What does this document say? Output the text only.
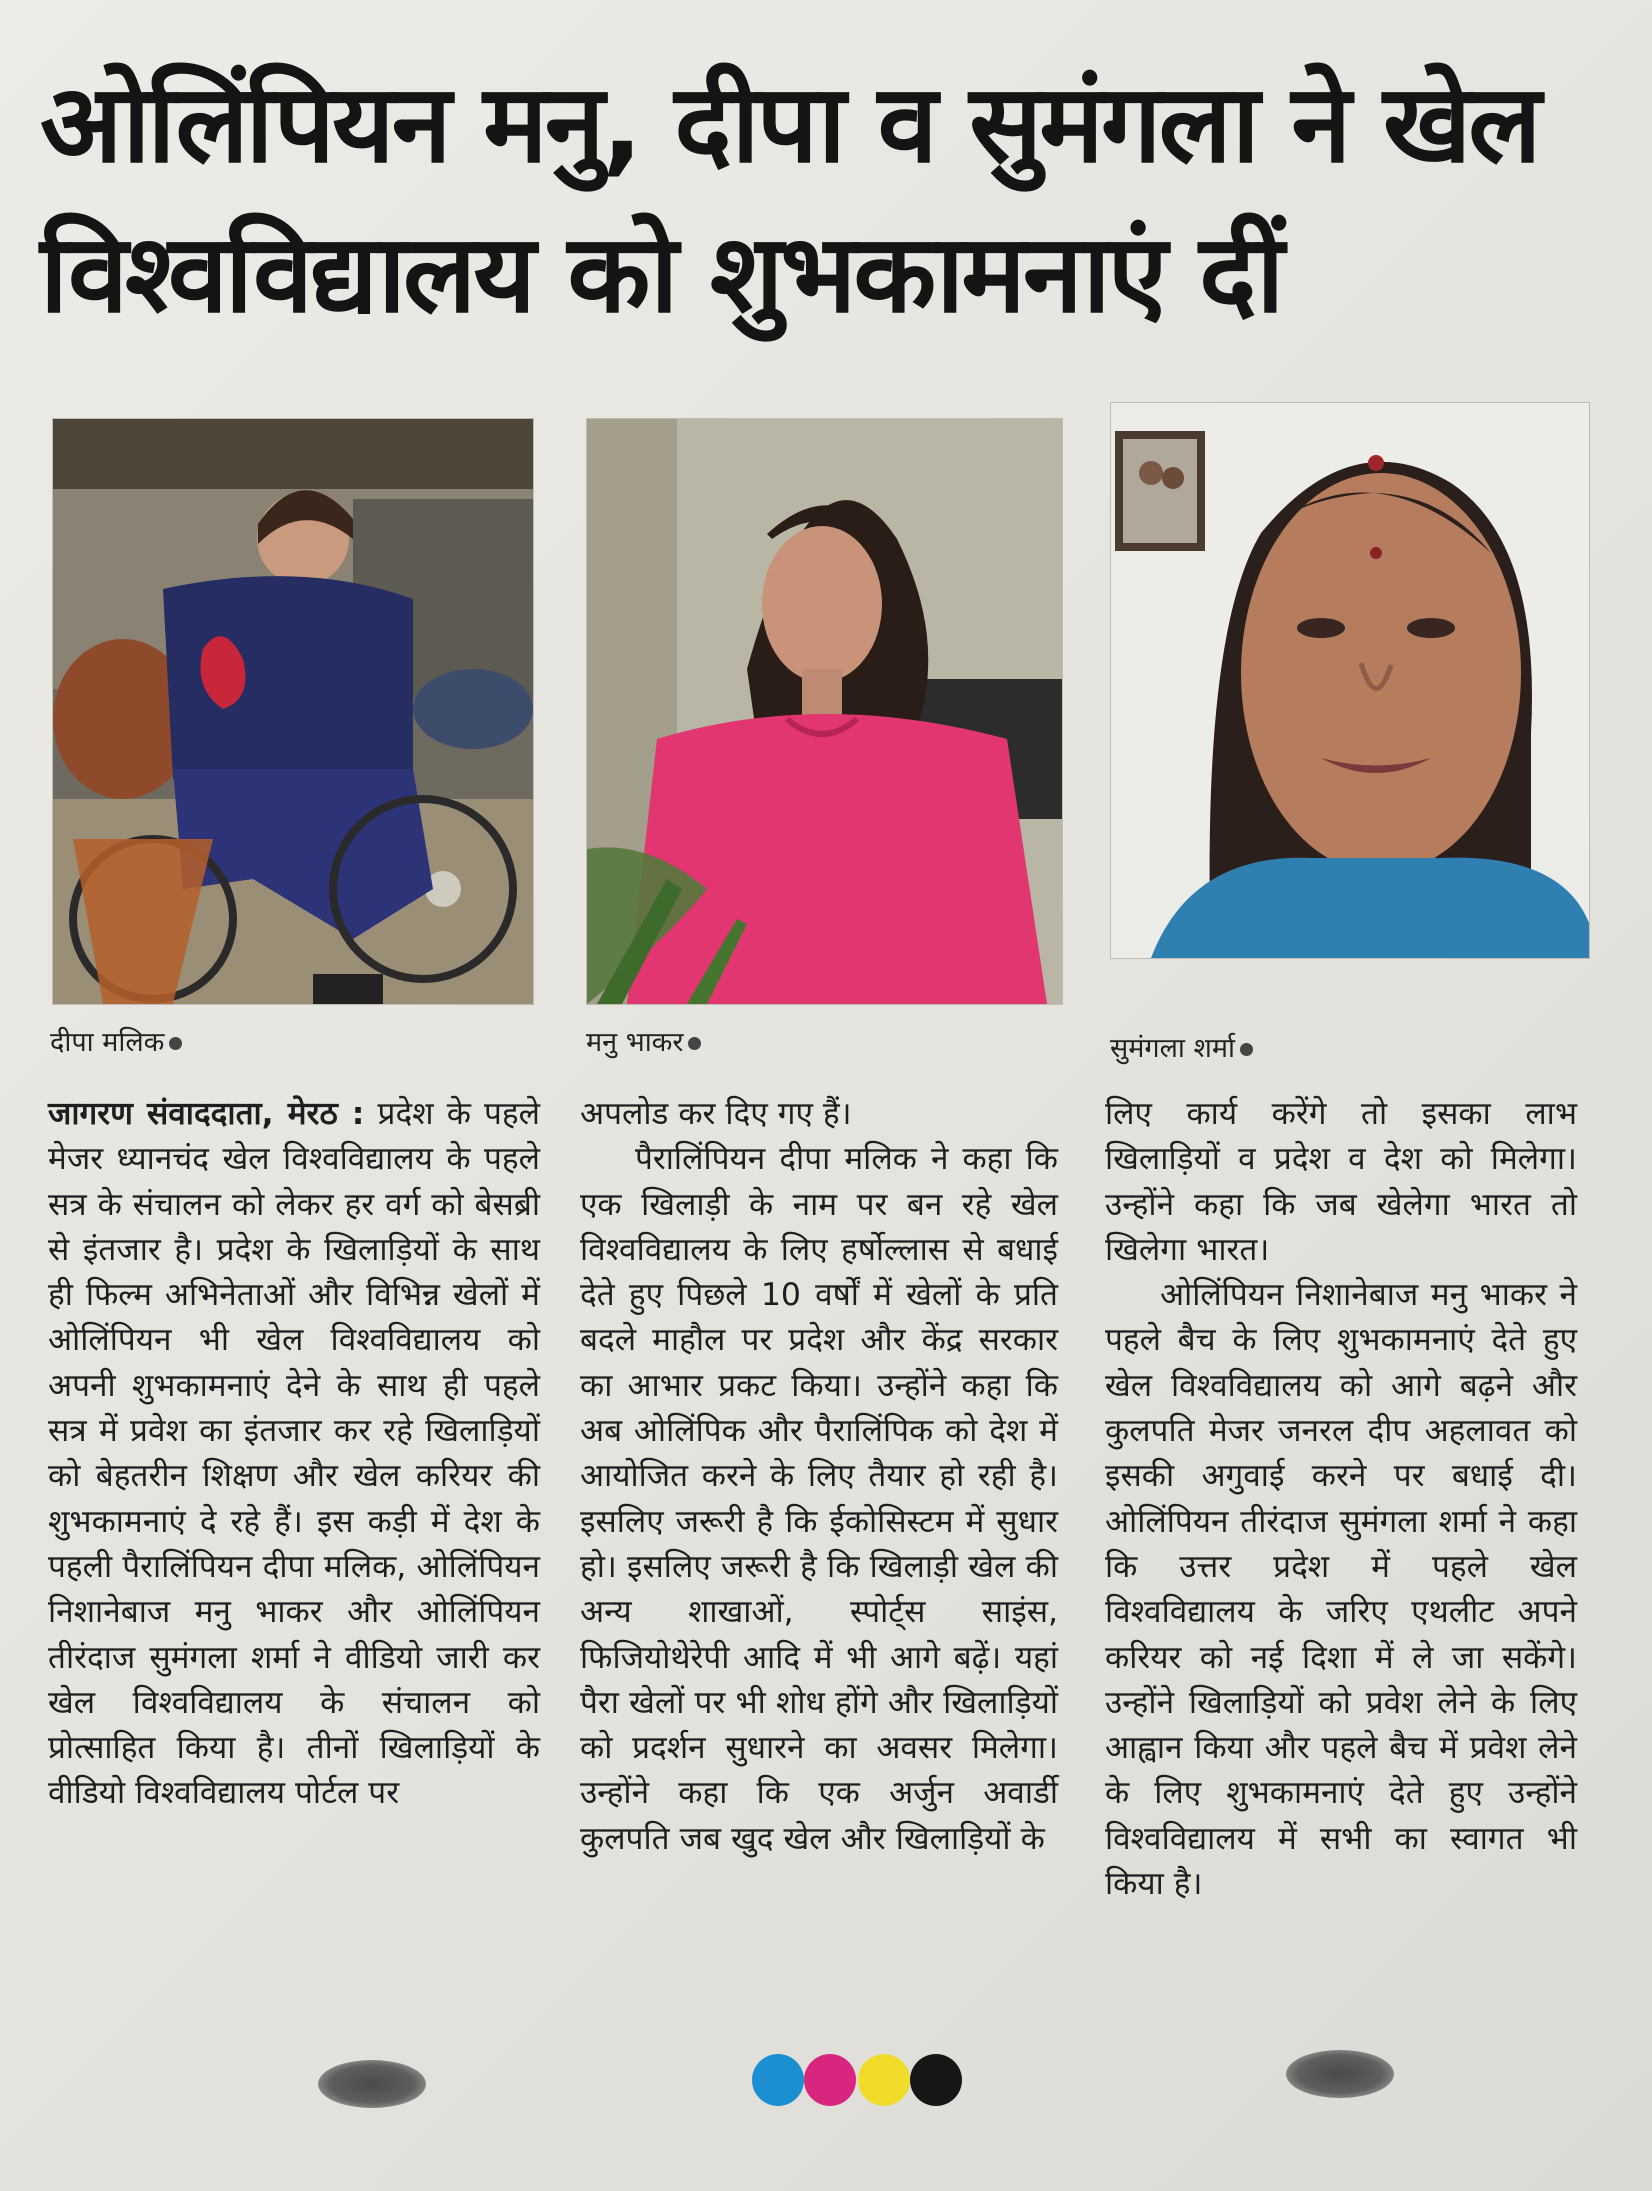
ओलिंपियन मनु, दीपा व सुमंगला ने खेल
विश्वविद्यालय को शुभकामनाएं दीं
दीपा मलिक	मनु भाकर	सुमंगला शर्मा

जागरण संवाददाता, मेरठ : प्रदेश के पहले मेजर ध्यानचंद खेल विश्वविद्यालय के पहले सत्र के संचालन को लेकर हर वर्ग को बेसब्री से इंतजार है। प्रदेश के खिलाड़ियों के साथ ही फिल्म अभिनेताओं और विभिन्न खेलों में ओलिंपियन भी खेल विश्वविद्यालय को अपनी शुभकामनाएं देने के साथ ही पहले सत्र में प्रवेश का इंतजार कर रहे खिलाड़ियों को बेहतरीन शिक्षण और खेल करियर की शुभकामनाएं दे रहे हैं। इस कड़ी में देश के पहली पैरालिंपियन दीपा मलिक, ओलिंपियन निशानेबाज मनु भाकर और ओलिंपियन तीरंदाज सुमंगला शर्मा ने वीडियो जारी कर खेल विश्वविद्यालय के संचालन को प्रोत्साहित किया है। तीनों खिलाड़ियों के वीडियो विश्वविद्यालय पोर्टल पर

अपलोड कर दिए गए हैं।

पैरालिंपियन दीपा मलिक ने कहा कि एक खिलाड़ी के नाम पर बन रहे खेल विश्वविद्यालय के लिए हर्षोल्लास से बधाई देते हुए पिछले 10 वर्षों में खेलों के प्रति बदले माहौल पर प्रदेश और केंद्र सरकार का आभार प्रकट किया। उन्होंने कहा कि अब ओलिंपिक और पैरालिंपिक को देश में आयोजित करने के लिए तैयार हो रही है। इसलिए जरूरी है कि ईकोसिस्टम में सुधार हो। इसलिए जरूरी है कि खिलाड़ी खेल की अन्य शाखाओं, स्पोर्ट्स साइंस, फिजियोथेरेपी आदि में भी आगे बढ़ें। यहां पैरा खेलों पर भी शोध होंगे और खिलाड़ियों को प्रदर्शन सुधारने का अवसर मिलेगा। उन्होंने कहा कि एक अर्जुन अवार्डी कुलपति जब खुद खेल और खिलाड़ियों के

लिए कार्य करेंगे तो इसका लाभ खिलाड़ियों व प्रदेश व देश को मिलेगा। उन्होंने कहा कि जब खेलेगा भारत तो खिलेगा भारत।

ओलिंपियन निशानेबाज मनु भाकर ने पहले बैच के लिए शुभकामनाएं देते हुए खेल विश्वविद्यालय को आगे बढ़ने और कुलपति मेजर जनरल दीप अहलावत को इसकी अगुवाई करने पर बधाई दी। ओलिंपियन तीरंदाज सुमंगला शर्मा ने कहा कि उत्तर प्रदेश में पहले खेल विश्वविद्यालय के जरिए एथलीट अपने करियर को नई दिशा में ले जा सकेंगे। उन्होंने खिलाड़ियों को प्रवेश लेने के लिए आह्वान किया और पहले बैच में प्रवेश लेने के लिए शुभकामनाएं देते हुए उन्होंने विश्वविद्यालय में सभी का स्वागत भी किया है।
